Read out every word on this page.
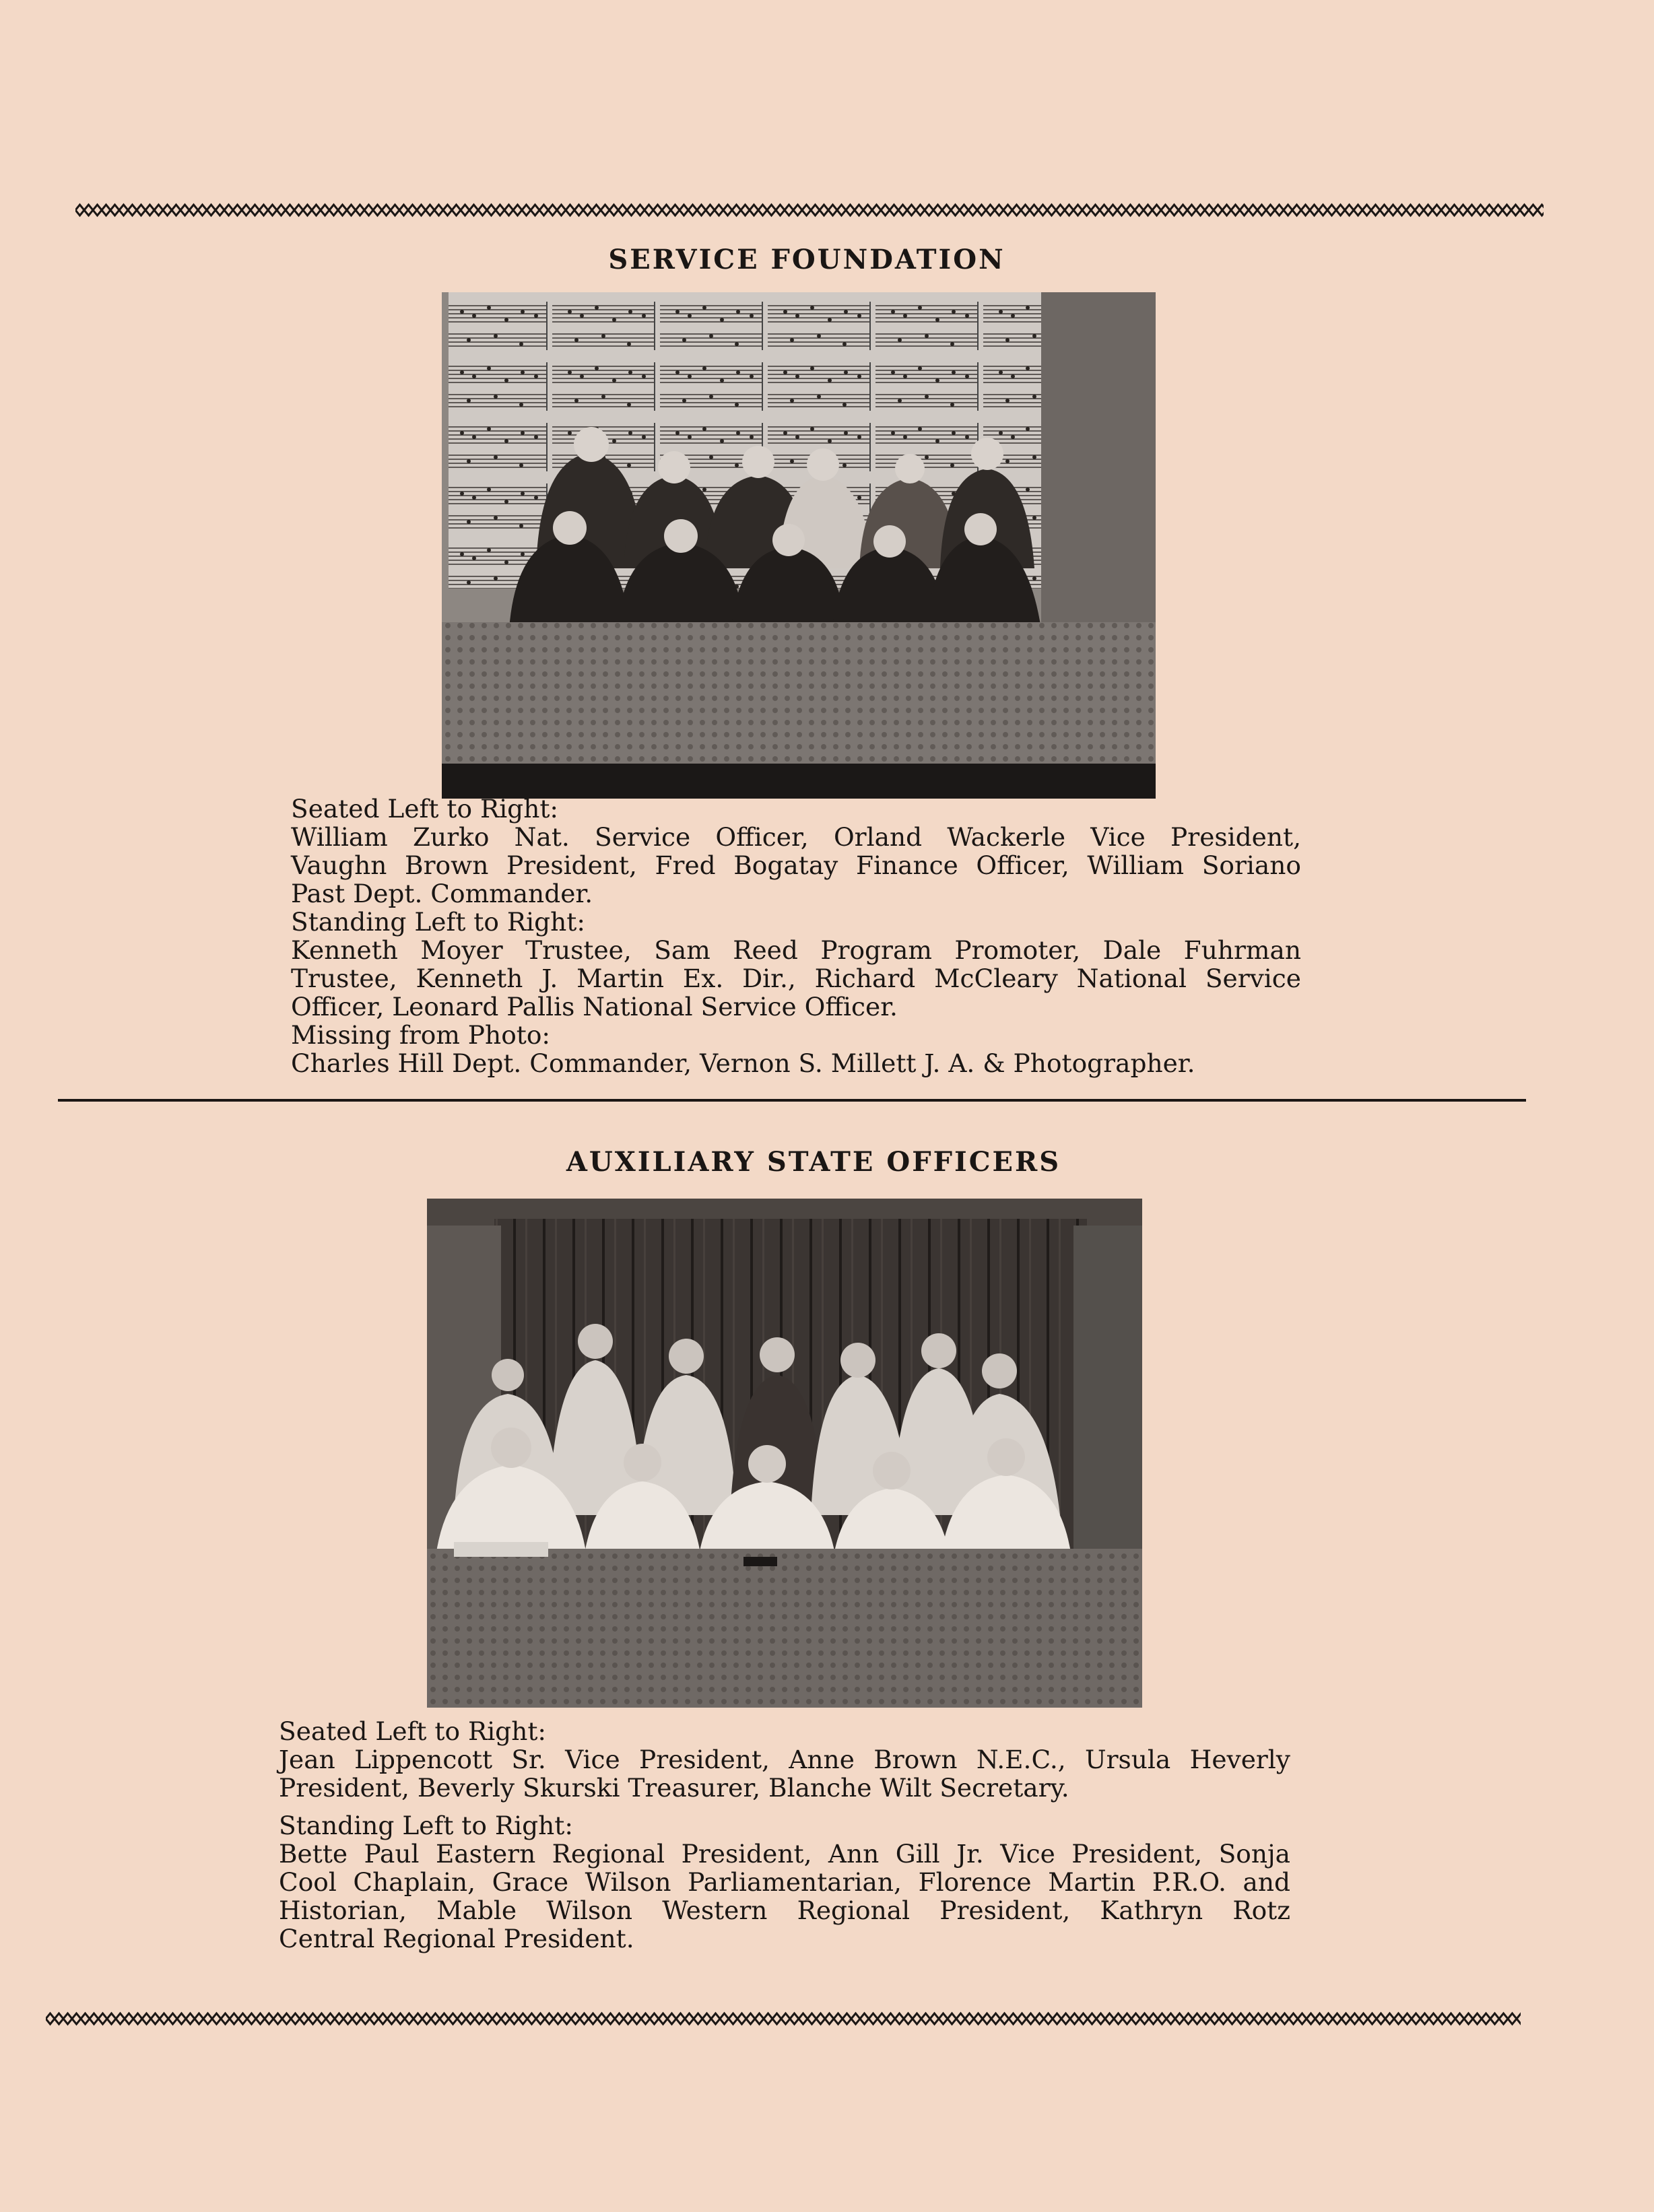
SERVICE FOUNDATION
Seated Left to Right:
William Zurko Nat. Service Officer, Orland Wackerle Vice President,
Vaughn Brown President, Fred Bogatay Finance Officer, William Soriano
Past Dept. Commander.
Standing Left to Right:
Kenneth Moyer Trustee, Sam Reed Program Promoter, Dale Fuhrman
Trustee, Kenneth J. Martin Ex. Dir., Richard McCleary National Service
Officer, Leonard Pallis National Service Officer.
Missing from Photo:
Charles Hill Dept. Commander, Vernon S. Millett J. A. & Photographer.
AUXILIARY STATE OFFICERS
Seated Left to Right:
Jean Lippencott Sr. Vice President, Anne Brown N.E.C., Ursula Heverly
President, Beverly Skurski Treasurer, Blanche Wilt Secretary.
Standing Left to Right:
Bette Paul Eastern Regional President, Ann Gill Jr. Vice President, Sonja
Cool Chaplain, Grace Wilson Parliamentarian, Florence Martin P.R.O. and
Historian, Mable Wilson Western Regional President, Kathryn Rotz
Central Regional President.
